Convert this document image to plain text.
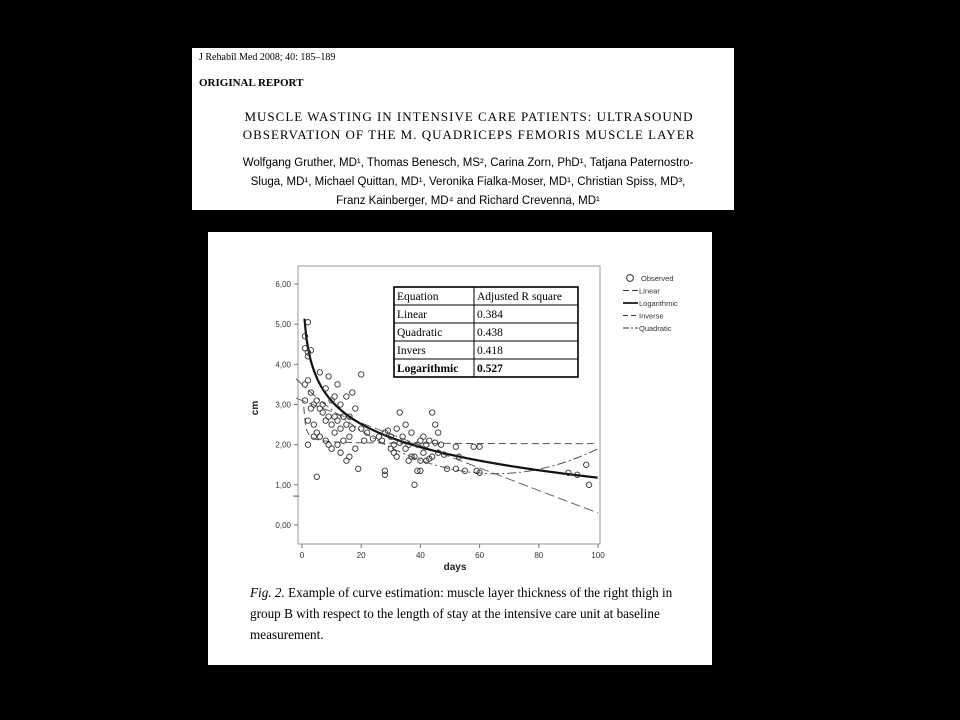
J Rehabil Med 2008; 40: 185–189
ORIGINAL REPORT
MUSCLE WASTING IN INTENSIVE CARE PATIENTS: ULTRASOUND
OBSERVATION OF THE M. QUADRICEPS FEMORIS MUSCLE LAYER
Wolfgang Gruther, MD¹, Thomas Benesch, MS², Carina Zorn, PhD¹, Tatjana Paternostro-
Sluga, MD¹, Michael Quittan, MD¹, Veronika Fialka-Moser, MD¹, Christian Spiss, MD³,
Franz Kainberger, MD⁴ and Richard Crevenna, MD¹
0,00
1,00
2,00
3,00
4,00
5,00
6,00
0	20	40	60	80	100
cm
days
Equation	Adjusted R square
Linear	0.384
Quadratic	0.438
Invers	0.418
Logarithmic 0.527
Observed
Linear
Logarithmic
Inverse
Quadratic
Fig. 2. Example of curve estimation: muscle layer thickness of the right thigh in group B with respect to the length of stay at the intensive care unit at baseline measurement.
